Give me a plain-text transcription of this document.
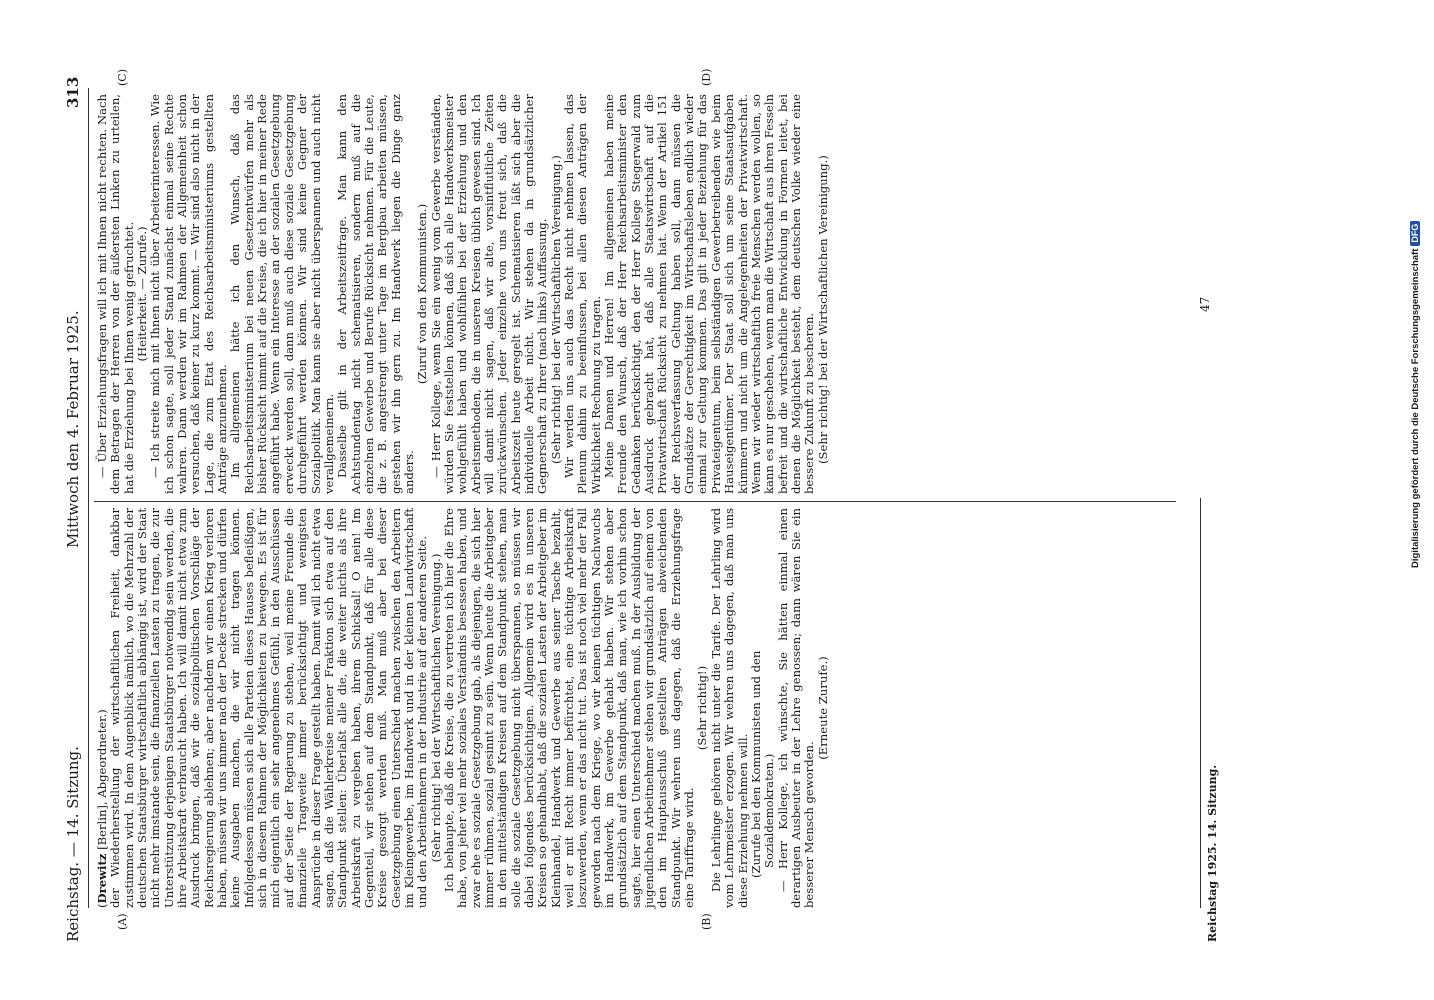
Reichstag. — 14. Sitzung.
Mittwoch den 4. Februar 1925.
313
(A)	(B)
(C)	(D)

(Drewitz [Berlin], Abgeordneter.) der Wiederherstellung der wirtschaftlichen Freiheit, dankbar zustimmen wird. In dem Augenblick nämlich, wo die Mehrzahl der deutschen Staatsbürger wirtschaftlich abhängig ist, wird der Staat nicht mehr imstande sein, die finanziellen Lasten zu tragen, die zur Unterstützung derjenigen Staatsbürger notwendig sein werden, die ihre Arbeitskraft verbraucht haben. Ich will damit nicht etwa zum Ausdruck bringen, daß wir die sozialpolitischen Vorschläge der Reichsregierung ablehnen; aber nachdem wir einen Krieg verloren haben, müssen wir uns immer nach der Decke strecken und dürfen keine Ausgaben machen, die wir nicht tragen können. Infolgedessen müssen sich alle Parteien dieses Hauses befleißigen, sich in diesem Rahmen der Möglichkeiten zu bewegen. Es ist für mich eigentlich ein sehr angenehmes Gefühl, in den Ausschüssen auf der Seite der Regierung zu stehen, weil meine Freunde die finanzielle Tragweite immer berücksichtigt und wenigsten Ansprüche in dieser Frage gestellt haben. Damit will ich nicht etwa sagen, daß die Wählerkreise meiner Fraktion sich etwa auf den Standpunkt stellen: Überlaßt alle die, die weiter nichts als ihre Arbeitskraft zu vergeben haben, ihrem Schicksal! O nein! Im Gegenteil, wir stehen auf dem Standpunkt, daß für alle diese Kreise gesorgt werden muß. Man muß aber bei dieser Gesetzgebung einen Unterschied machen zwischen den Arbeitern im Kleingewerbe, im Handwerk und in der kleinen Landwirtschaft und den Arbeitnehmern in der Industrie auf der anderen Seite. (Sehr richtig! bei der Wirtschaftlichen Vereinigung.) Ich behaupte, daß die Kreise, die zu vertreten ich hier die Ehre habe, von jeher viel mehr soziales Verständnis besessen haben, und zwar ehe es soziale Gesetzgebung gab, als diejenigen, die sich hier immer rühmen, sozial gesinnt zu sein. Wenn heute die Arbeitgeber in den mittelständigen Kreisen auf dem Standpunkt stehen, man solle die soziale Gesetzgebung nicht überspannen, so müssen wir dabei folgendes berücksichtigen. Allgemein wird es in unseren Kreisen so gehandhabt, daß die sozialen Lasten der Arbeitgeber im Kleinhandel, Handwerk und Gewerbe aus seiner Tasche bezahlt, weil er mit Recht immer befürchtet, eine tüchtige Arbeitskraft loszuwerden, wenn er das nicht tut. Das ist noch viel mehr der Fall geworden nach dem Kriege, wo wir keinen tüchtigen Nachwuchs im Handwerk, im Gewerbe gehabt haben. Wir stehen aber grundsätzlich auf dem Standpunkt, daß man, wie ich vorhin schon sagte, hier einen Unterschied machen muß. In der Ausbildung der jugendlichen Arbeitnehmer stehen wir grundsätzlich auf einem von den im Hauptausschuß gestellten Anträgen abweichenden Standpunkt. Wir wehren uns dagegen, daß die Erziehungsfrage eine Tariffrage wird.

(Sehr richtig!) Die Lehrlinge gehören nicht unter die Tarife. Der Lehrling wird vom Lehrmeister erzogen. Wir wehren uns dagegen, daß man uns diese Erziehung nehmen will. (Zurufe bei den Kommunisten und den Sozialdemokraten.) — Herr Kollege, ich wünschte, Sie hätten einmal einen derartigen Ausbeuter in der Lehre genossen; dann wären Sie ein besserer Mensch geworden.

(Erneute Zurufe.)

— Über Erziehungsfragen will ich mit Ihnen nicht rechten. Nach dem Betragen der Herren von der äußersten Linken zu urteilen, hat die Erziehung bei Ihnen wenig gefruchtet. (Heiterkeit. — Zurufe.) — Ich streite mich mit Ihnen nicht über Arbeiterinteressen. Wie ich schon sagte, soll jeder Stand zunächst einmal seine Rechte wahren. Dann werden wir im Rahmen der Allgemeinheit schon versuchen, daß keiner zu kurz kommt. — Wir sind also nicht in der Lage, die zum Etat des Reichsarbeitsministeriums gestellten Anträge anzunehmen. Im allgemeinen hätte ich den Wunsch, daß das Reichsarbeitsministerium bei neuen Gesetzentwürfen mehr als bisher Rücksicht nimmt auf die Kreise, die ich hier in meiner Rede angeführt habe. Wenn ein Interesse an der sozialen Gesetzgebung erweckt werden soll, dann muß auch diese soziale Gesetzgebung durchgeführt werden können. Wir sind keine Gegner der Sozialpolitik. Man kann sie aber nicht überspannen und auch nicht verallgemeinern. Dasselbe gilt in der Arbeitszeitfrage. Man kann den Achtstundentag nicht schematisieren, sondern muß auf die einzelnen Gewerbe und Berufe Rücksicht nehmen. Für die Leute, die z. B. angestrengt unter Tage im Bergbau arbeiten müssen, gestehen wir ihn gern zu. Im Handwerk liegen die Dinge ganz anders.

(Zuruf von den Kommunisten.) — Herr Kollege, wenn Sie ein wenig vom Gewerbe verständen, würden Sie feststellen können, daß sich alle Handwerksmeister wohlgefühlt haben und wohlfühlen bei der Erziehung und den Arbeitsmethoden, die in unseren Kreisen üblich gewesen sind. Ich will damit nicht sagen, daß wir alte, vorsintflutliche Zeiten zurückwünschen. Jeder einzelne von uns freut sich, daß die Arbeitszeit heute geregelt ist. Schematisieren läßt sich aber die individuelle Arbeit nicht. Wir stehen da in grundsätzlicher Gegnerschaft zu Ihrer (nach links) Auffassung. (Sehr richtig! bei der Wirtschaftlichen Vereinigung.) Wir werden uns auch das Recht nicht nehmen lassen, das Plenum dahin zu beeinflussen, bei allen diesen Anträgen der Wirklichkeit Rechnung zu tragen. Meine Damen und Herren! Im allgemeinen haben meine Freunde den Wunsch, daß der Herr Reichsarbeitsminister den Gedanken berücksichtigt, den der Herr Kollege Stegerwald zum Ausdruck gebracht hat, daß alle Staatswirtschaft auf die Privatwirtschaft Rücksicht zu nehmen hat. Wenn der Artikel 151 der Reichsverfassung Geltung haben soll, dann müssen die Grundsätze der Gerechtigkeit im Wirtschaftsleben endlich wieder einmal zur Geltung kommen. Das gilt in jeder Beziehung für das Privateigentum, beim selbständigen Gewerbetreibenden wie beim Hauseigentümer. Der Staat soll sich um seine Staatsaufgaben kümmern und nicht um die Angelegenheiten der Privatwirtschaft. Wenn wir wieder wirtschaftlich freie Menschen werden wollen, so kann es nur geschehen, wenn man die Wirtschaft aus ihren Fesseln befreit und die wirtschaftliche Entwicklung in Formen leitet, bei denen die Möglichkeit besteht, dem deutschen Volke wieder eine bessere Zukunft zu bescheren. (Sehr richtig! bei der Wirtschaftlichen Vereinigung.)

Reichstag 1925. 14. Sitzung.
47	Digitalisierung gefördert durch die Deutsche ForschungsgemeinschaftDFG
